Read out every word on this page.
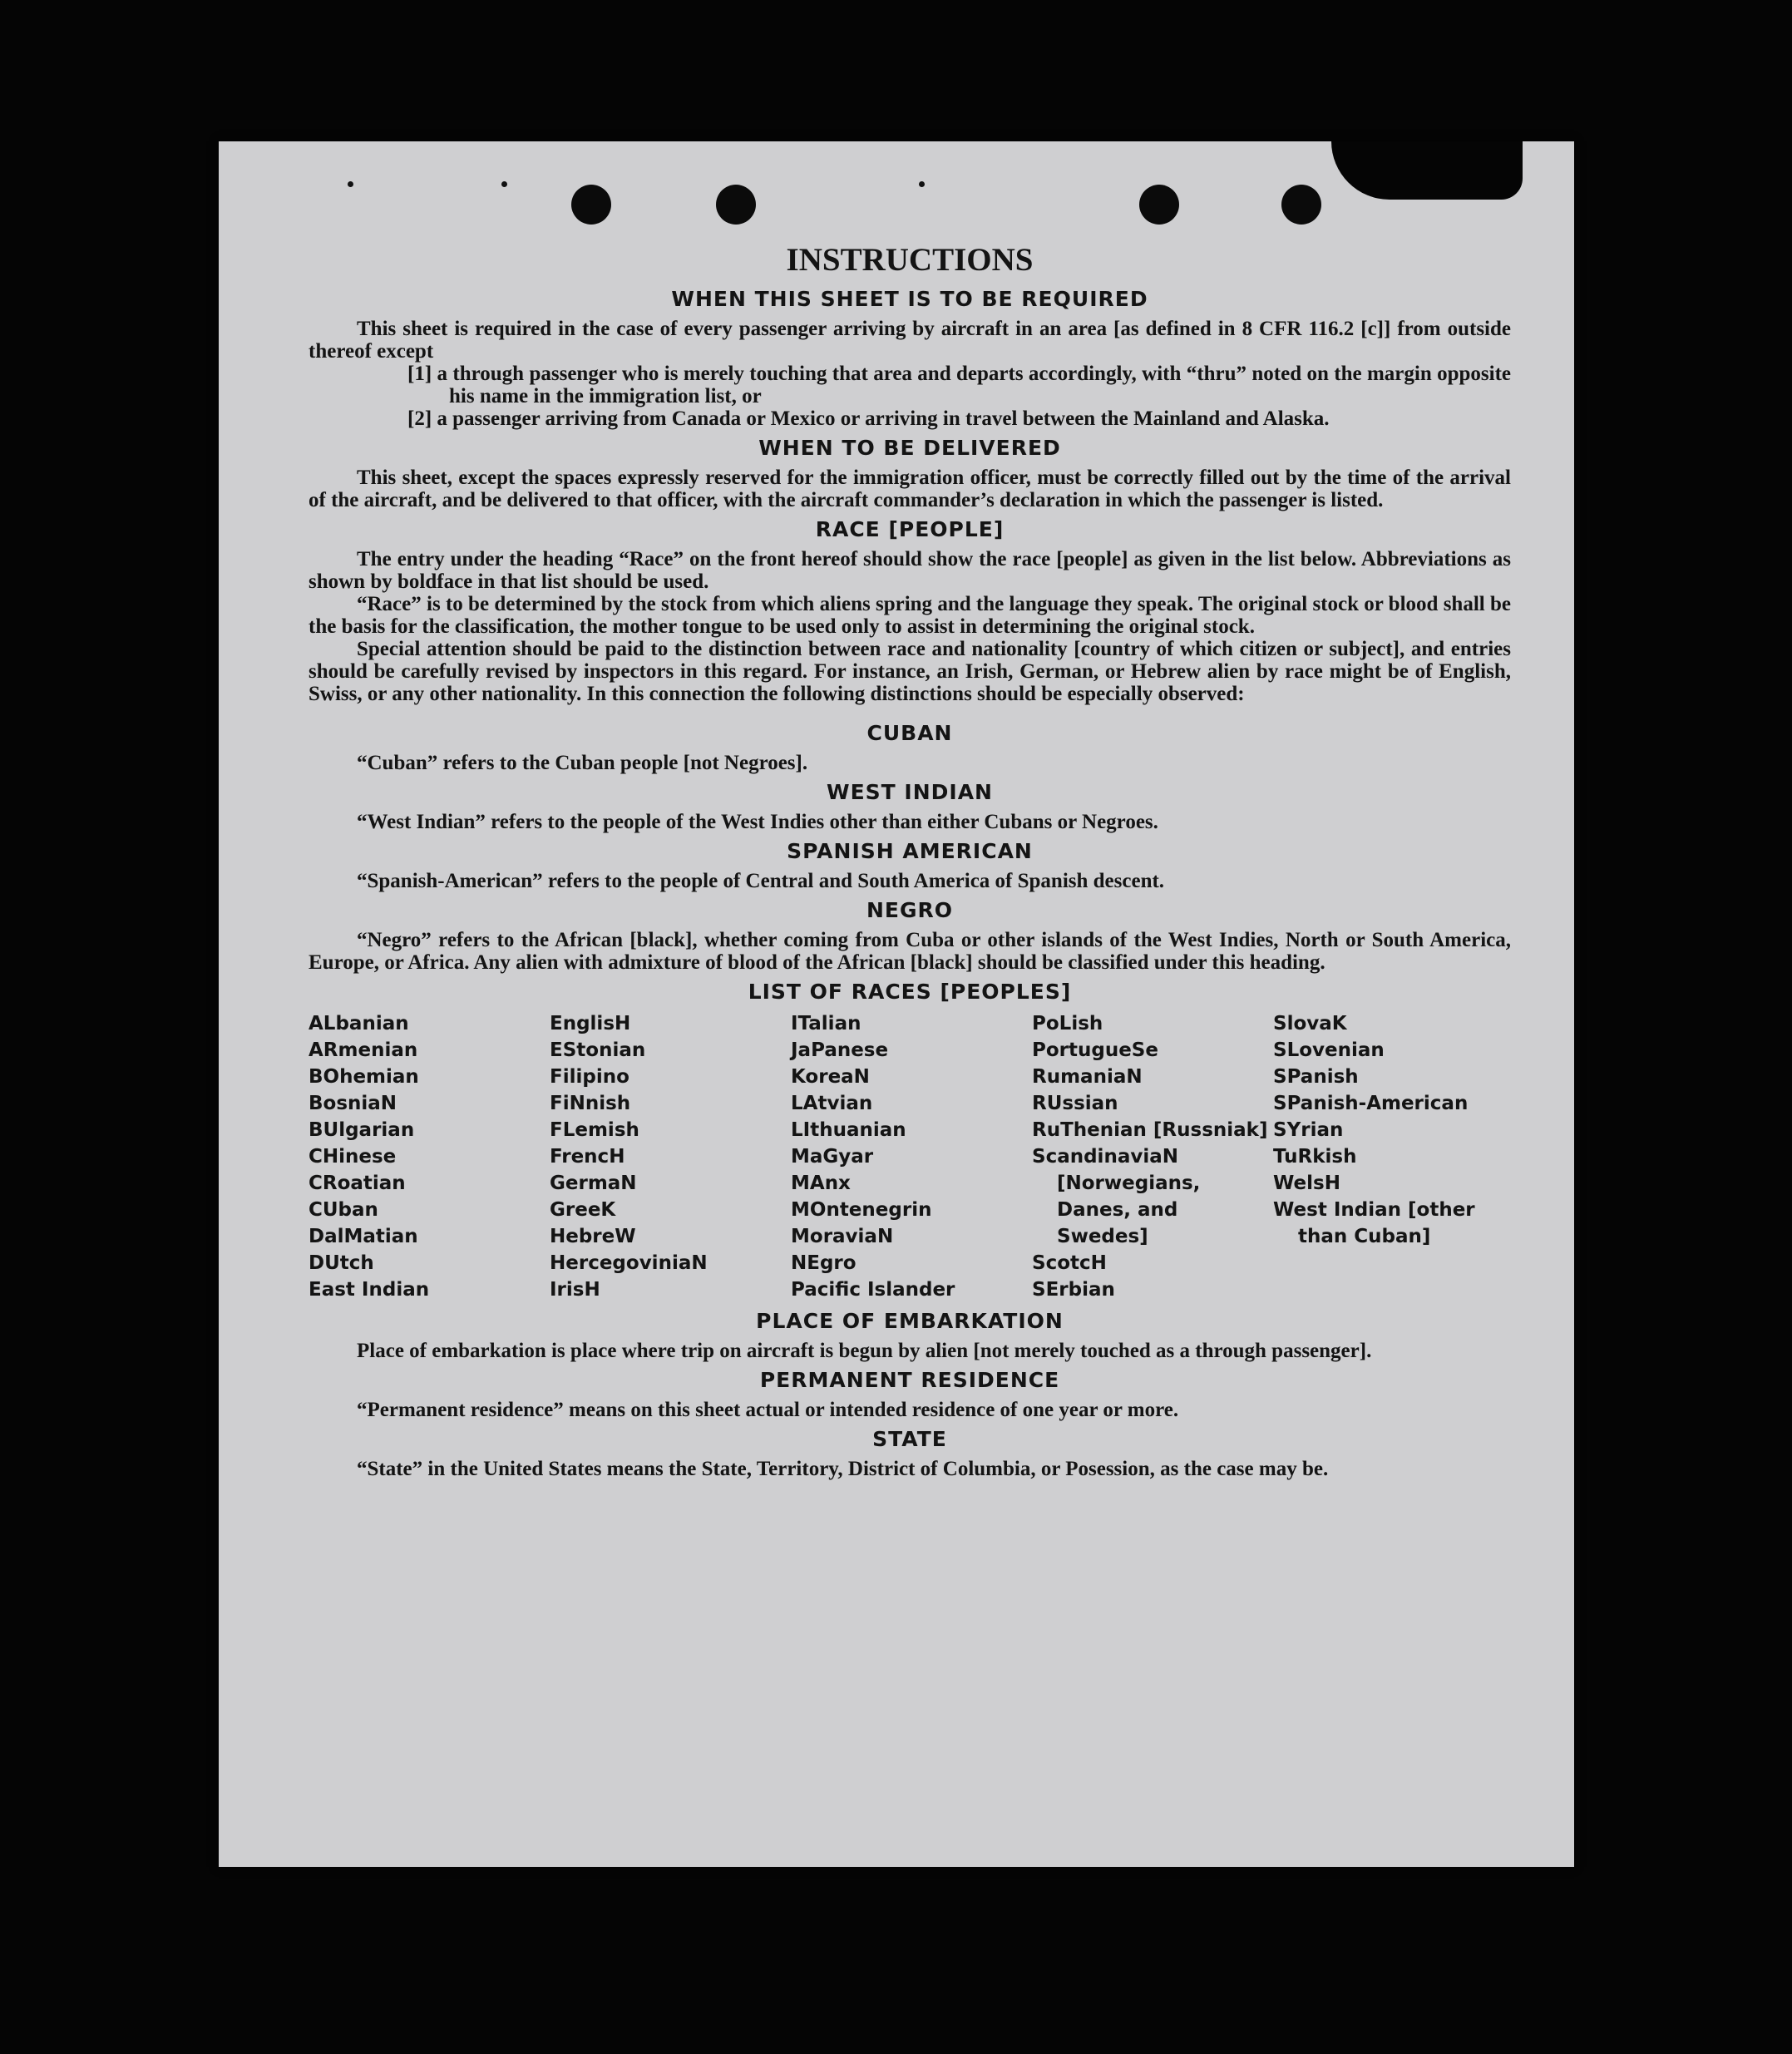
INSTRUCTIONS
WHEN THIS SHEET IS TO BE REQUIRED

This sheet is required in the case of every passenger arriving by aircraft in an area [as defined in 8 CFR 116.2 [c]] from outside thereof except

[1] a through passenger who is merely touching that area and departs accordingly, with “thru” noted on the margin opposite his name in the immigration list, or

[2] a passenger arriving from Canada or Mexico or arriving in travel between the Mainland and Alaska.

WHEN TO BE DELIVERED

This sheet, except the spaces expressly reserved for the immigration officer, must be correctly filled out by the time of the arrival of the aircraft, and be delivered to that officer, with the aircraft commander’s declaration in which the passenger is listed.

RACE [PEOPLE]

The entry under the heading “Race” on the front hereof should show the race [people] as given in the list below. Abbreviations as shown by boldface in that list should be used.

“Race” is to be determined by the stock from which aliens spring and the language they speak. The original stock or blood shall be the basis for the classification, the mother tongue to be used only to assist in determining the original stock.

Special attention should be paid to the distinction between race and nationality [country of which citizen or subject], and entries should be carefully revised by inspectors in this regard. For instance, an Irish, German, or Hebrew alien by race might be of English, Swiss, or any other nationality. In this connection the following distinctions should be especially observed:

CUBAN

“Cuban” refers to the Cuban people [not Negroes].

WEST INDIAN

“West Indian” refers to the people of the West Indies other than either Cubans or Negroes.

SPANISH AMERICAN

“Spanish-American” refers to the people of Central and South America of Spanish descent.

NEGRO

“Negro” refers to the African [black], whether coming from Cuba or other islands of the West Indies, North or South America, Europe, or Africa. Any alien with admixture of blood of the African [black] should be classified under this heading.

LIST OF RACES [PEOPLES]
ALbanian
ARmenian
BOhemian
BosniaN
BUlgarian
CHinese
CRoatian
CUban
DalMatian
DUtch
East Indian
EnglisH
EStonian
Filipino
FiNnish
FLemish
FrencH
GermaN
GreeK
HebreW
HercegoviniaN
IrisH
ITalian
JaPanese
KoreaN
LAtvian
LIthuanian
MaGyar
MAnx
MOntenegrin
MoraviaN
NEgro
Pacific Islander
PoLish
PortugueSe
RumaniaN
RUssian
RuThenian [Russniak]
ScandinaviaN [Norwegians, Danes, and Swedes]
ScotcH
SErbian
SlovaK
SLovenian
SPanish
SPanish-American
SYrian
TuRkish
WelsH
West Indian [other than Cuban]
PLACE OF EMBARKATION

Place of embarkation is place where trip on aircraft is begun by alien [not merely touched as a through passenger].

PERMANENT RESIDENCE

“Permanent residence” means on this sheet actual or intended residence of one year or more.

STATE

“State” in the United States means the State, Territory, District of Columbia, or Posession, as the case may be.
